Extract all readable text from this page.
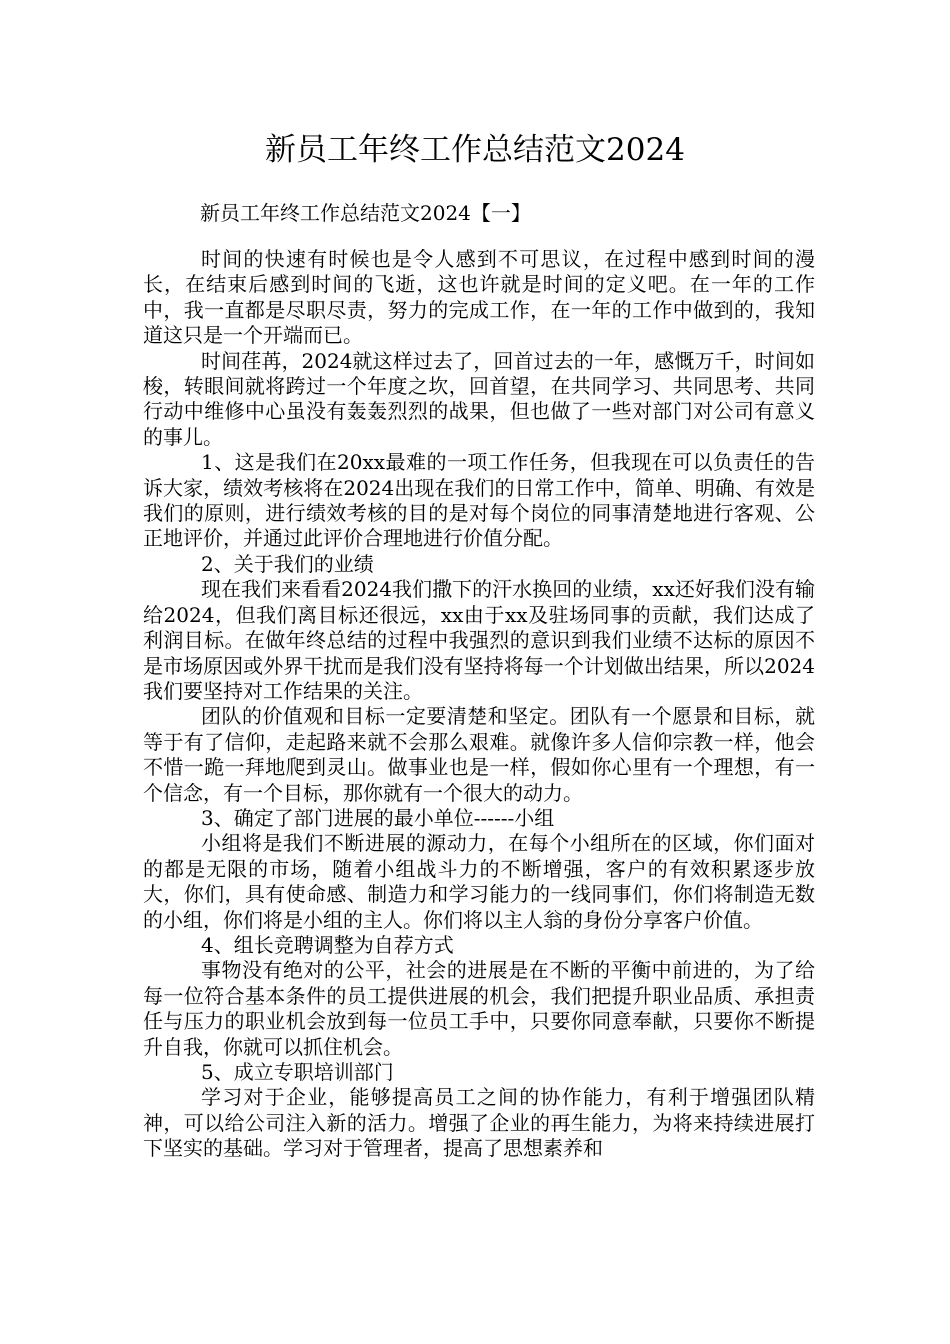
新员工年终工作总结范文2024
新员工年终工作总结范文2024【一】

时间的快速有时候也是令人感到不可思议，在过程中感到时间的漫长，在结束后感到时间的飞逝，这也许就是时间的定义吧。在一年的工作中，我一直都是尽职尽责，努力的完成工作，在一年的工作中做到的，我知道这只是一个开端而已。

时间荏苒，2024就这样过去了，回首过去的一年，感慨万千，时间如梭，转眼间就将跨过一个年度之坎，回首望，在共同学习、共同思考、共同行动中维修中心虽没有轰轰烈烈的战果，但也做了一些对部门对公司有意义的事儿。

1、这是我们在20xx最难的一项工作任务，但我现在可以负责任的告诉大家，绩效考核将在2024出现在我们的日常工作中，简单、明确、有效是我们的原则，进行绩效考核的目的是对每个岗位的同事清楚地进行客观、公正地评价，并通过此评价合理地进行价值分配。

2、关于我们的业绩

现在我们来看看2024我们撒下的汗水换回的业绩，xx还好我们没有输给2024，但我们离目标还很远，xx由于xx及驻场同事的贡献，我们达成了利润目标。在做年终总结的过程中我强烈的意识到我们业绩不达标的原因不是市场原因或外界干扰而是我们没有坚持将每一个计划做出结果，所以2024我们要坚持对工作结果的关注。

团队的价值观和目标一定要清楚和坚定。团队有一个愿景和目标，就等于有了信仰，走起路来就不会那么艰难。就像许多人信仰宗教一样，他会不惜一跪一拜地爬到灵山。做事业也是一样，假如你心里有一个理想，有一个信念，有一个目标，那你就有一个很大的动力。

3、确定了部门进展的最小单位------小组

小组将是我们不断进展的源动力，在每个小组所在的区域，你们面对的都是无限的市场，随着小组战斗力的不断增强，客户的有效积累逐步放大，你们，具有使命感、制造力和学习能力的一线同事们，你们将制造无数的小组，你们将是小组的主人。你们将以主人翁的身份分享客户价值。

4、组长竞聘调整为自荐方式

事物没有绝对的公平，社会的进展是在不断的平衡中前进的，为了给每一位符合基本条件的员工提供进展的机会，我们把提升职业品质、承担责任与压力的职业机会放到每一位员工手中，只要你同意奉献，只要你不断提升自我，你就可以抓住机会。

5、成立专职培训部门

学习对于企业，能够提高员工之间的协作能力，有利于增强团队精神，可以给公司注入新的活力。增强了企业的再生能力，为将来持续进展打下坚实的基础。学习对于管理者，提高了思想素养和
